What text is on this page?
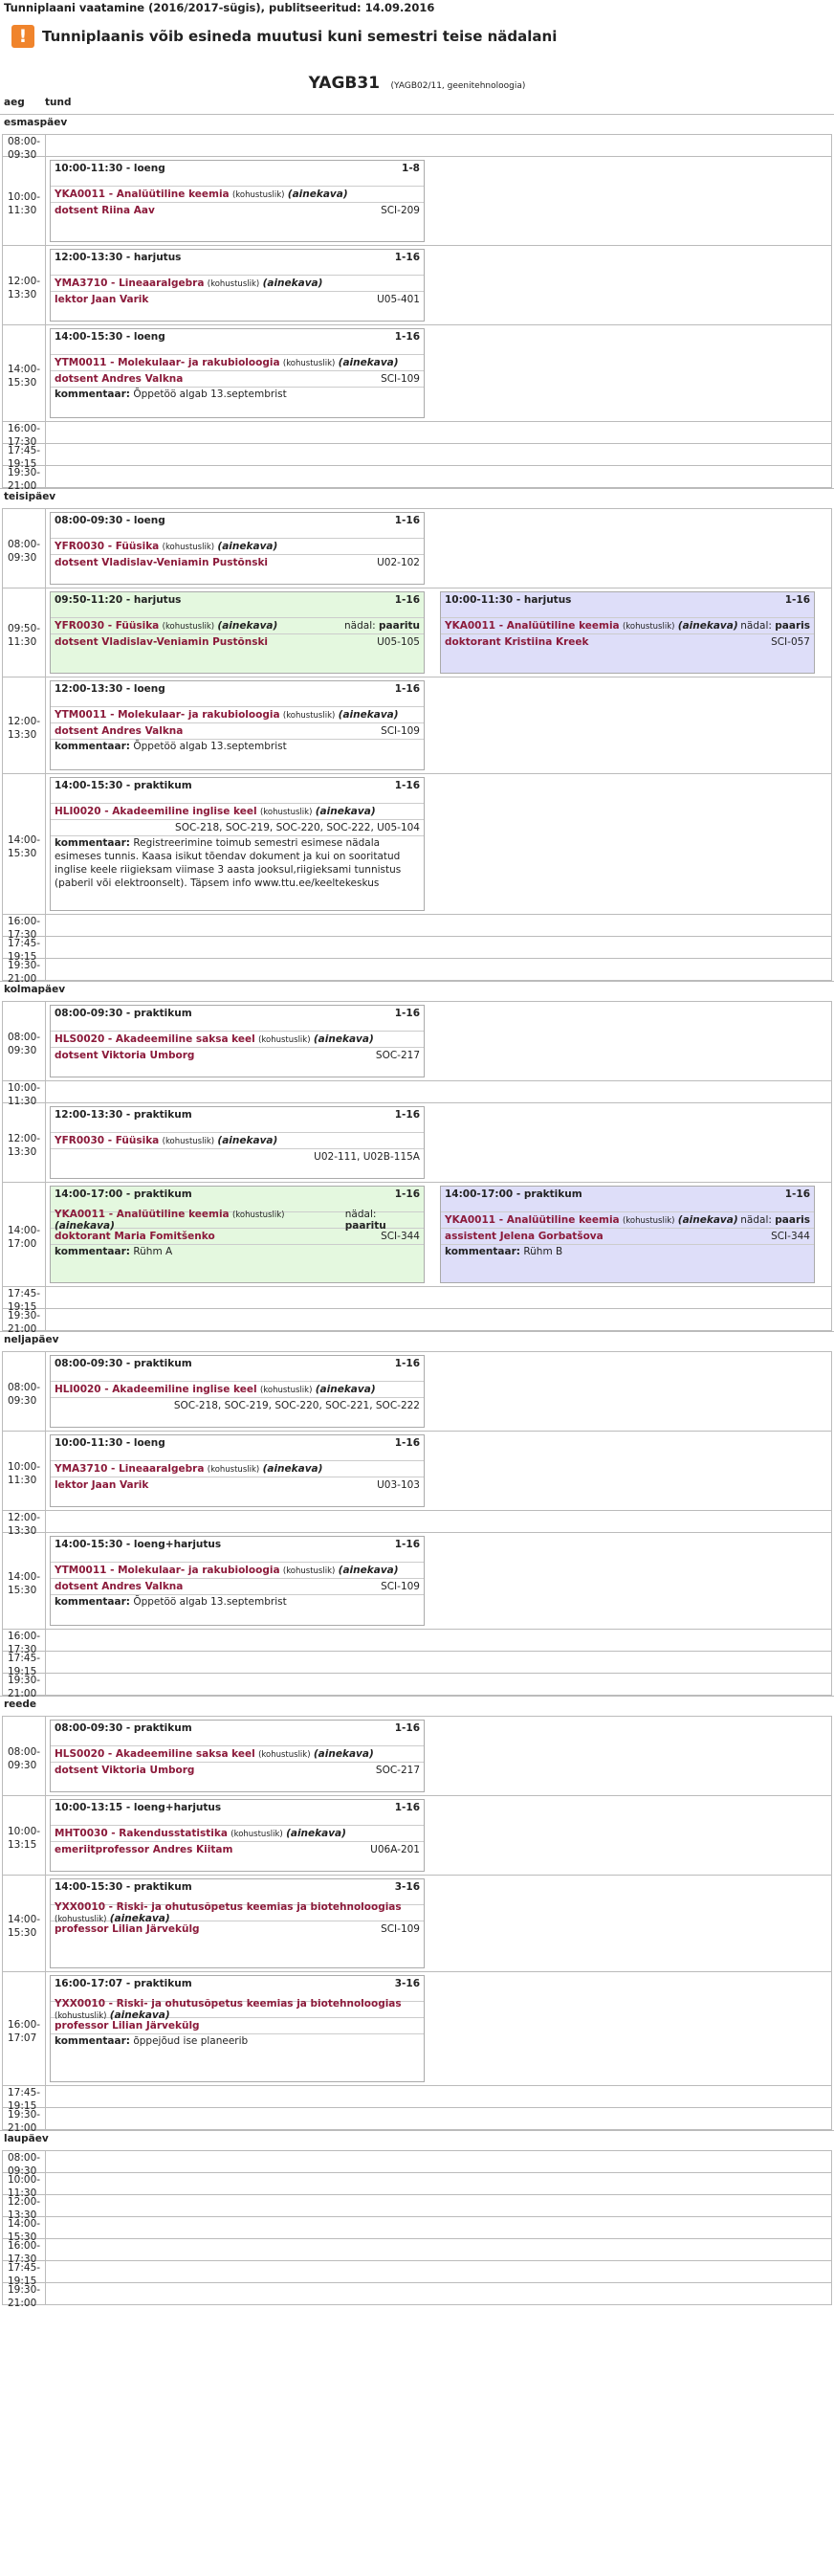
Tunniplaani vaatamine (2016/2017-sügis), publitseeritud: 14.09.2016
!
Tunniplaanis võib esineda muutusi kuni semestri teise nädalani
YAGB31 (YAGB02/11, geenitehnoloogia)
aeg	tund
esmaspäev
08:00-09:30
10:00-11:30
10:00-11:30 - loeng	1-8
YKA0011 - Analüütiline keemia (kohustuslik) (ainekava)
dotsent Riina Aav	SCI-209
12:00-13:30
12:00-13:30 - harjutus	1-16
YMA3710 - Lineaaralgebra (kohustuslik) (ainekava)
lektor Jaan Varik	U05-401
14:00-15:30
14:00-15:30 - loeng	1-16
YTM0011 - Molekulaar- ja rakubioloogia (kohustuslik) (ainekava)
dotsent Andres Valkna	SCI-109
kommentaar: Õppetöö algab 13.septembrist
16:00-17:30
17:45-19:15
19:30-21:00
teisipäev
08:00-09:30
08:00-09:30 - loeng	1-16
YFR0030 - Füüsika (kohustuslik) (ainekava)
dotsent Vladislav-Veniamin Pustõnski	U02-102
09:50-11:30
09:50-11:20 - harjutus	1-16
YFR0030 - Füüsika (kohustuslik) (ainekava)	nädal: paaritu
dotsent Vladislav-Veniamin Pustõnski	U05-105
10:00-11:30 - harjutus	1-16
YKA0011 - Analüütiline keemia (kohustuslik) (ainekava) nädal: paaris
doktorant Kristiina Kreek	SCI-057
12:00-13:30
12:00-13:30 - loeng	1-16
YTM0011 - Molekulaar- ja rakubioloogia (kohustuslik) (ainekava)
dotsent Andres Valkna	SCI-109
kommentaar: Õppetöö algab 13.septembrist
14:00-15:30
14:00-15:30 - praktikum	1-16
HLI0020 - Akadeemiline inglise keel (kohustuslik) (ainekava)
SOC-218, SOC-219, SOC-220, SOC-222, U05-104
kommentaar: Registreerimine toimub semestri esimese nädala esimeses tunnis. Kaasa isikut tõendav dokument ja kui on sooritatud inglise keele riigieksam viimase 3 aasta jooksul,riigieksami tunnistus (paberil või elektroonselt). Täpsem info www.ttu.ee/keeltekeskus
16:00-17:30
17:45-19:15
19:30-21:00
kolmapäev
08:00-09:30
08:00-09:30 - praktikum	1-16
HLS0020 - Akadeemiline saksa keel (kohustuslik) (ainekava)
dotsent Viktoria Umborg	SOC-217
10:00-11:30
12:00-13:30
12:00-13:30 - praktikum	1-16
YFR0030 - Füüsika (kohustuslik) (ainekava)
U02-111, U02B-115A
14:00-17:00
14:00-17:00 - praktikum	1-16
YKA0011 - Analüütiline keemia (kohustuslik) (ainekava)
nädal: paaritu
doktorant Maria Fomitšenko	SCI-344
kommentaar: Rühm A
14:00-17:00 - praktikum	1-16
YKA0011 - Analüütiline keemia (kohustuslik) (ainekava) nädal: paaris
assistent Jelena Gorbatšova	SCI-344
kommentaar: Rühm B
17:45-19:15
19:30-21:00
neljapäev
08:00-09:30
08:00-09:30 - praktikum	1-16
HLI0020 - Akadeemiline inglise keel (kohustuslik) (ainekava)
SOC-218, SOC-219, SOC-220, SOC-221, SOC-222
10:00-11:30
10:00-11:30 - loeng	1-16
YMA3710 - Lineaaralgebra (kohustuslik) (ainekava)
lektor Jaan Varik	U03-103
12:00-13:30
14:00-15:30
14:00-15:30 - loeng+harjutus	1-16
YTM0011 - Molekulaar- ja rakubioloogia (kohustuslik) (ainekava)
dotsent Andres Valkna	SCI-109
kommentaar: Õppetöö algab 13.septembrist
16:00-17:30
17:45-19:15
19:30-21:00
reede
08:00-09:30
08:00-09:30 - praktikum	1-16
HLS0020 - Akadeemiline saksa keel (kohustuslik) (ainekava)
dotsent Viktoria Umborg	SOC-217
10:00-13:15
10:00-13:15 - loeng+harjutus	1-16
MHT0030 - Rakendusstatistika (kohustuslik) (ainekava)
emeriitprofessor Andres Kiitam	U06A-201
14:00-15:30
14:00-15:30 - praktikum	3-16
YXX0010 - Riski- ja ohutusõpetus keemias ja biotehnoloogias (kohustuslik) (ainekava)
professor Lilian Järvekülg	SCI-109
16:00-17:07
16:00-17:07 - praktikum	3-16
YXX0010 - Riski- ja ohutusõpetus keemias ja biotehnoloogias (kohustuslik) (ainekava)
professor Lilian Järvekülg
kommentaar: õppejõud ise planeerib
17:45-19:15
19:30-21:00
laupäev
08:00-09:30
10:00-11:30
12:00-13:30
14:00-15:30
16:00-17:30
17:45-19:15
19:30-21:00
